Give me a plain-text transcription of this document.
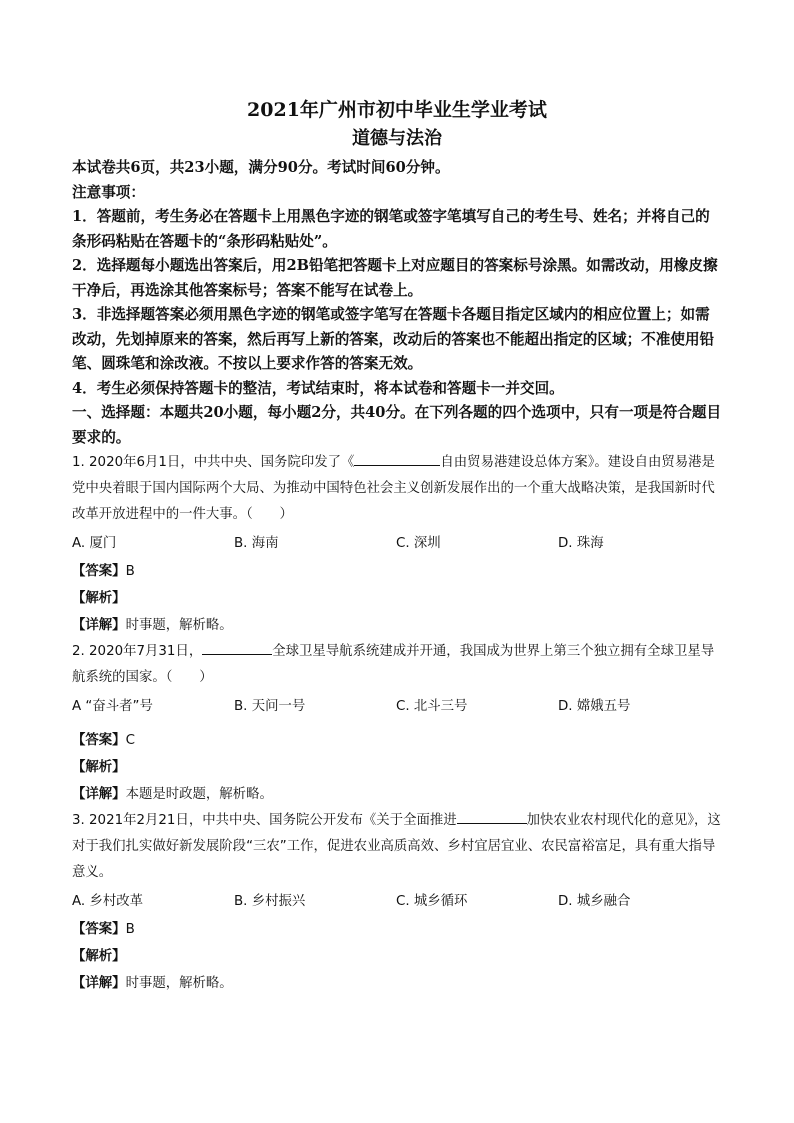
2021年广州市初中毕业生学业考试

道德与法治

本试卷共6页，共23小题，满分90分。考试时间60分钟。

注意事项：

1．答题前，考生务必在答题卡上用黑色字迹的钢笔或签字笔填写自己的考生号、姓名；并将自己的条形码粘贴在答题卡的“条形码粘贴处”。

2．选择题每小题选出答案后，用2B铅笔把答题卡上对应题目的答案标号涂黑。如需改动，用橡皮擦干净后，再选涂其他答案标号；答案不能写在试卷上。

3．非选择题答案必须用黑色字迹的钢笔或签字笔写在答题卡各题目指定区域内的相应位置上；如需改动，先划掉原来的答案，然后再写上新的答案，改动后的答案也不能超出指定的区域；不准使用铅笔、圆珠笔和涂改液。不按以上要求作答的答案无效。

4．考生必须保持答题卡的整洁，考试结束时，将本试卷和答题卡一并交回。

一、选择题：本题共20小题，每小题2分，共40分。在下列各题的四个选项中，只有一项是符合题目要求的。

1. 2020年6月1日，中共中央、国务院印发了《	自由贸易港建设总体方案》。建设自由贸易港是党中央着眼于国内国际两个大局、为推动中国特色社会主义创新发展作出的一个重大战略决策，是我国新时代改革开放进程中的一件大事。（　　）

A. 厦门	B. 海南	C. 深圳	D. 珠海

【答案】B

【解析】

【详解】时事题，解析略。

2. 2020年7月31日，	全球卫星导航系统建成并开通，我国成为世界上第三个独立拥有全球卫星导航系统的国家。（　　）

A “奋斗者”号	B. 天问一号	C. 北斗三号	D. 嫦娥五号

【答案】C

【解析】

【详解】本题是时政题，解析略。

3. 2021年2月21日，中共中央、国务院公开发布《关于全面推进	加快农业农村现代化的意见》，这对于我们扎实做好新发展阶段“三农”工作，促进农业高质高效、乡村宜居宜业、农民富裕富足，具有重大指导意义。

A. 乡村改革	B. 乡村振兴	C. 城乡循环	D. 城乡融合

【答案】B

【解析】

【详解】时事题，解析略。
